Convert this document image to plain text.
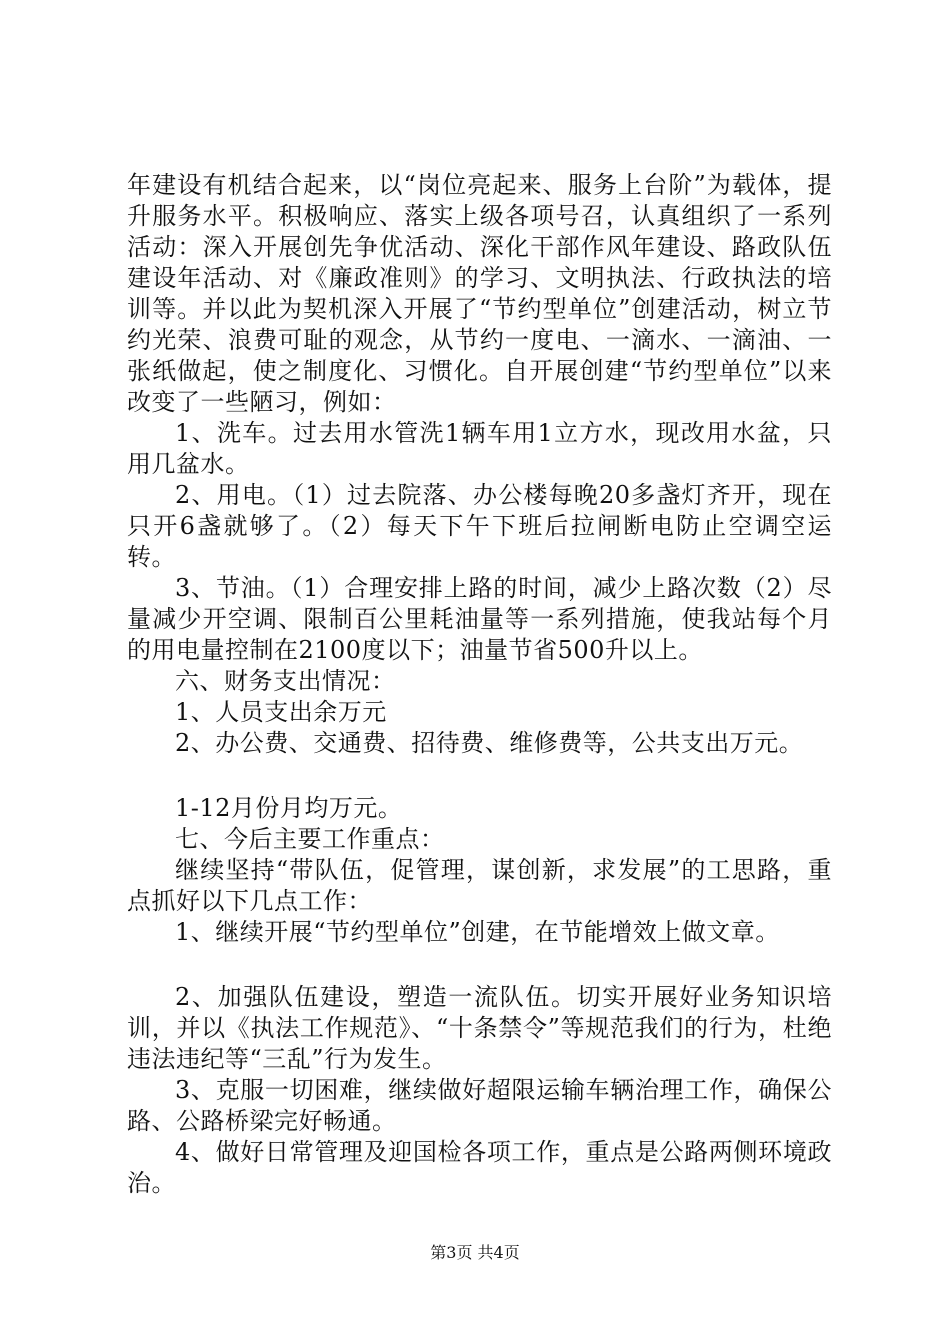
年建设有机结合起来，以“岗位亮起来、服务上台阶”为载体，提升服务水平。积极响应、落实上级各项号召，认真组织了一系列活动：深入开展创先争优活动、深化干部作风年建设、路政队伍建设年活动、对《廉政准则》的学习、文明执法、行政执法的培训等。并以此为契机深入开展了“节约型单位”创建活动，树立节约光荣、浪费可耻的观念，从节约一度电、一滴水、一滴油、一张纸做起，使之制度化、习惯化。自开展创建“节约型单位”以来改变了一些陋习，例如：

1、洗车。过去用水管洗1辆车用1立方水，现改用水盆，只用几盆水。

2、用电。（1）过去院落、办公楼每晚20多盏灯齐开，现在只开6盏就够了。（2）每天下午下班后拉闸断电防止空调空运转。

3、节油。（1）合理安排上路的时间，减少上路次数（2）尽量减少开空调、限制百公里耗油量等一系列措施，使我站每个月的用电量控制在2100度以下；油量节省500升以上。

六、财务支出情况：

1、人员支出余万元

2、办公费、交通费、招待费、维修费等，公共支出万元。

1-12月份月均万元。

七、今后主要工作重点：

继续坚持“带队伍，促管理，谋创新，求发展”的工思路，重点抓好以下几点工作：

1、继续开展“节约型单位”创建，在节能增效上做文章。

2、加强队伍建设，塑造一流队伍。切实开展好业务知识培训，并以《执法工作规范》、“十条禁令”等规范我们的行为，杜绝违法违纪等“三乱”行为发生。

3、克服一切困难，继续做好超限运输车辆治理工作，确保公路、公路桥梁完好畅通。

4、做好日常管理及迎国检各项工作，重点是公路两侧环境政治。

第3页 共4页
